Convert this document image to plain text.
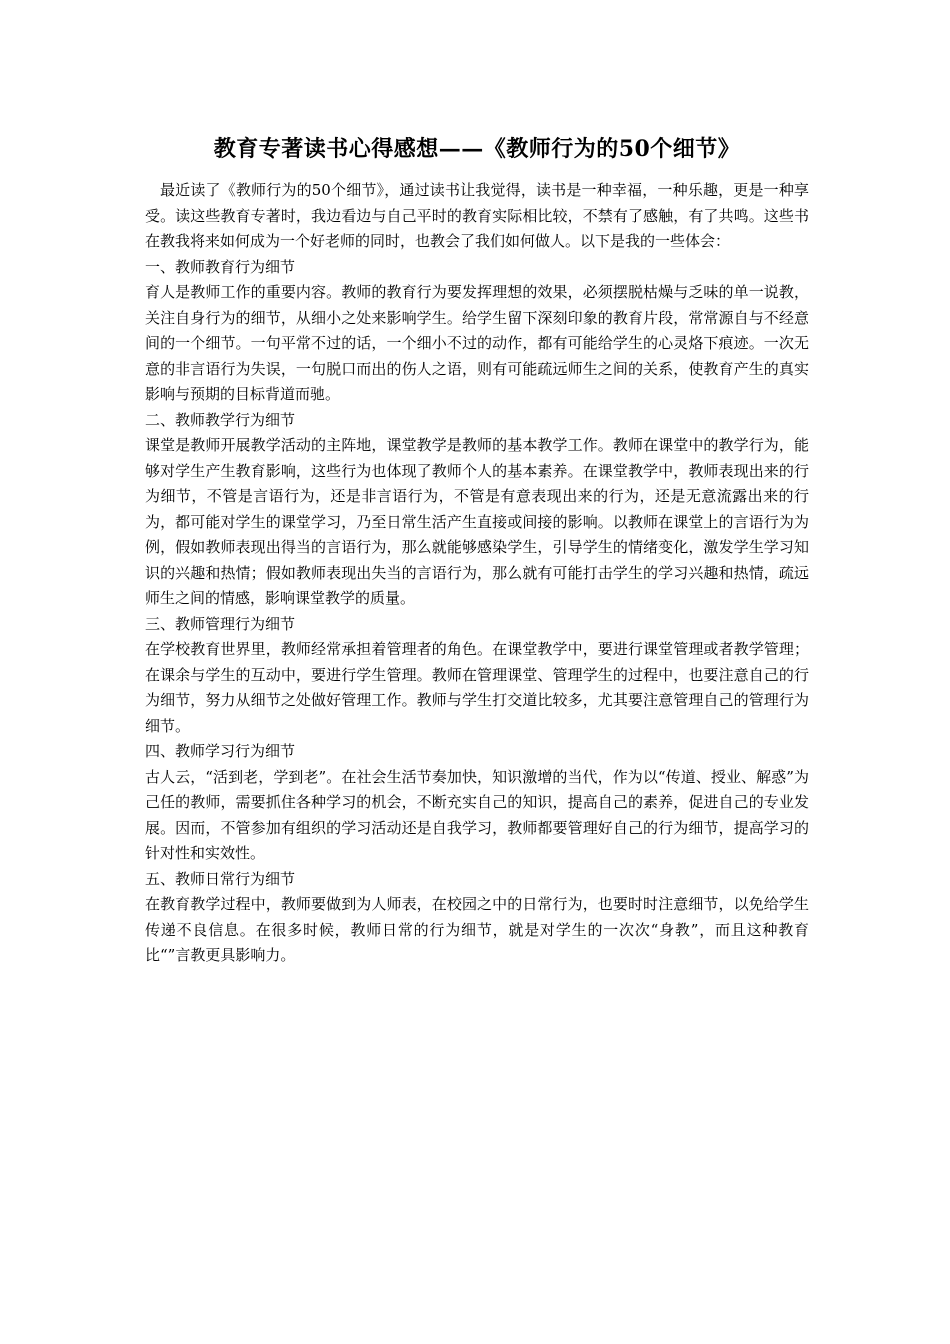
教育专著读书心得感想——《教师行为的50个细节》

最近读了《教师行为的50个细节》，通过读书让我觉得，读书是一种幸福，一种乐趣，更是一种享受。读这些教育专著时，我边看边与自己平时的教育实际相比较，不禁有了感触，有了共鸣。这些书在教我将来如何成为一个好老师的同时，也教会了我们如何做人。以下是我的一些体会：

一、教师教育行为细节

育人是教师工作的重要内容。教师的教育行为要发挥理想的效果，必须摆脱枯燥与乏味的单一说教，关注自身行为的细节，从细小之处来影响学生。给学生留下深刻印象的教育片段，常常源自与不经意间的一个细节。一句平常不过的话，一个细小不过的动作，都有可能给学生的心灵烙下痕迹。一次无意的非言语行为失误，一句脱口而出的伤人之语，则有可能疏远师生之间的关系，使教育产生的真实影响与预期的目标背道而驰。

二、教师教学行为细节

课堂是教师开展教学活动的主阵地，课堂教学是教师的基本教学工作。教师在课堂中的教学行为，能够对学生产生教育影响，这些行为也体现了教师个人的基本素养。在课堂教学中，教师表现出来的行为细节，不管是言语行为，还是非言语行为，不管是有意表现出来的行为，还是无意流露出来的行为，都可能对学生的课堂学习，乃至日常生活产生直接或间接的影响。以教师在课堂上的言语行为为例，假如教师表现出得当的言语行为，那么就能够感染学生，引导学生的情绪变化，激发学生学习知识的兴趣和热情；假如教师表现出失当的言语行为，那么就有可能打击学生的学习兴趣和热情，疏远师生之间的情感，影响课堂教学的质量。

三、教师管理行为细节

在学校教育世界里，教师经常承担着管理者的角色。在课堂教学中，要进行课堂管理或者教学管理；在课余与学生的互动中，要进行学生管理。教师在管理课堂、管理学生的过程中，也要注意自己的行为细节，努力从细节之处做好管理工作。教师与学生打交道比较多，尤其要注意管理自己的管理行为细节。

四、教师学习行为细节

古人云，“活到老，学到老”。在社会生活节奏加快，知识激增的当代，作为以“传道、授业、解惑”为己任的教师，需要抓住各种学习的机会，不断充实自己的知识，提高自己的素养，促进自己的专业发展。因而，不管参加有组织的学习活动还是自我学习，教师都要管理好自己的行为细节，提高学习的针对性和实效性。

五、教师日常行为细节

在教育教学过程中，教师要做到为人师表，在校园之中的日常行为，也要时时注意细节，以免给学生传递不良信息。在很多时候，教师日常的行为细节，就是对学生的一次次“身教”，而且这种教育比“”言教更具影响力。
